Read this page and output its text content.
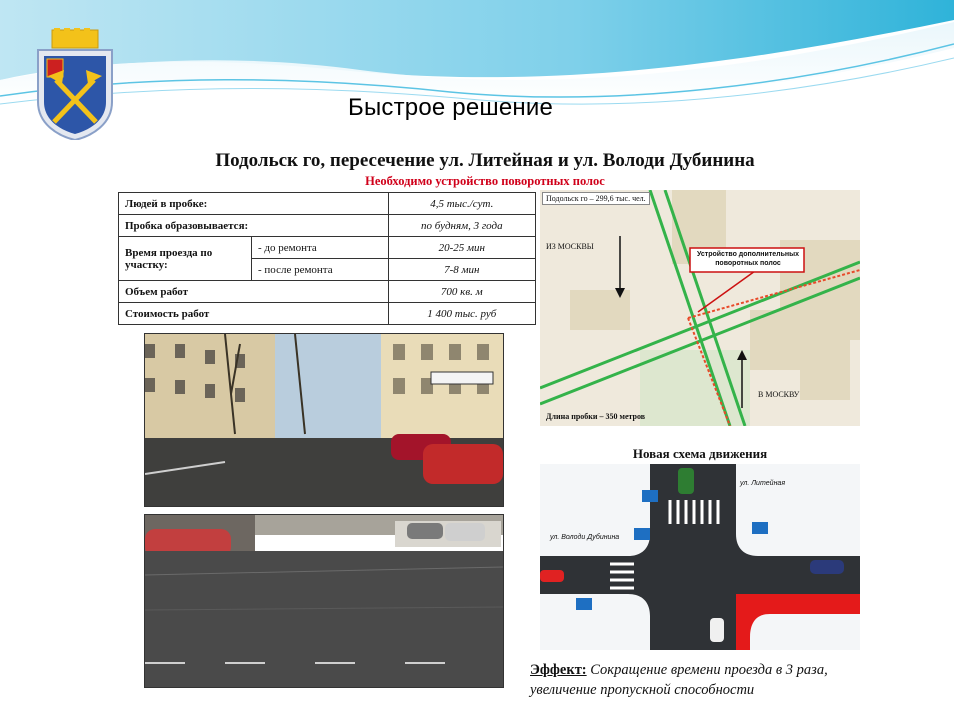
Быстрое решение
Подольск го, пересечение ул. Литейная и ул. Володи Дубинина
Необходимо устройство поворотных полос
Людей в пробке:		4,5 тыс./сут.
Пробка образовывается:		по будням, 3 года
Время проезда по участку:	- до ремонта	20-25 мин
	- после ремонта	7-8 мин
Объем работ		700 кв. м
Стоимость работ		1 400 тыс. руб
Подольск го – 299,6 тыс. чел.
ИЗ МОСКВЫ
Устройство дополнительных поворотных полос
В МОСКВУ
Длина пробки – 350 метров
Новая схема движения
ул. Литейная
ул. Володи Дубинина
Эффект: Сокращение времени проезда в 3 раза, увеличение пропускной способности
